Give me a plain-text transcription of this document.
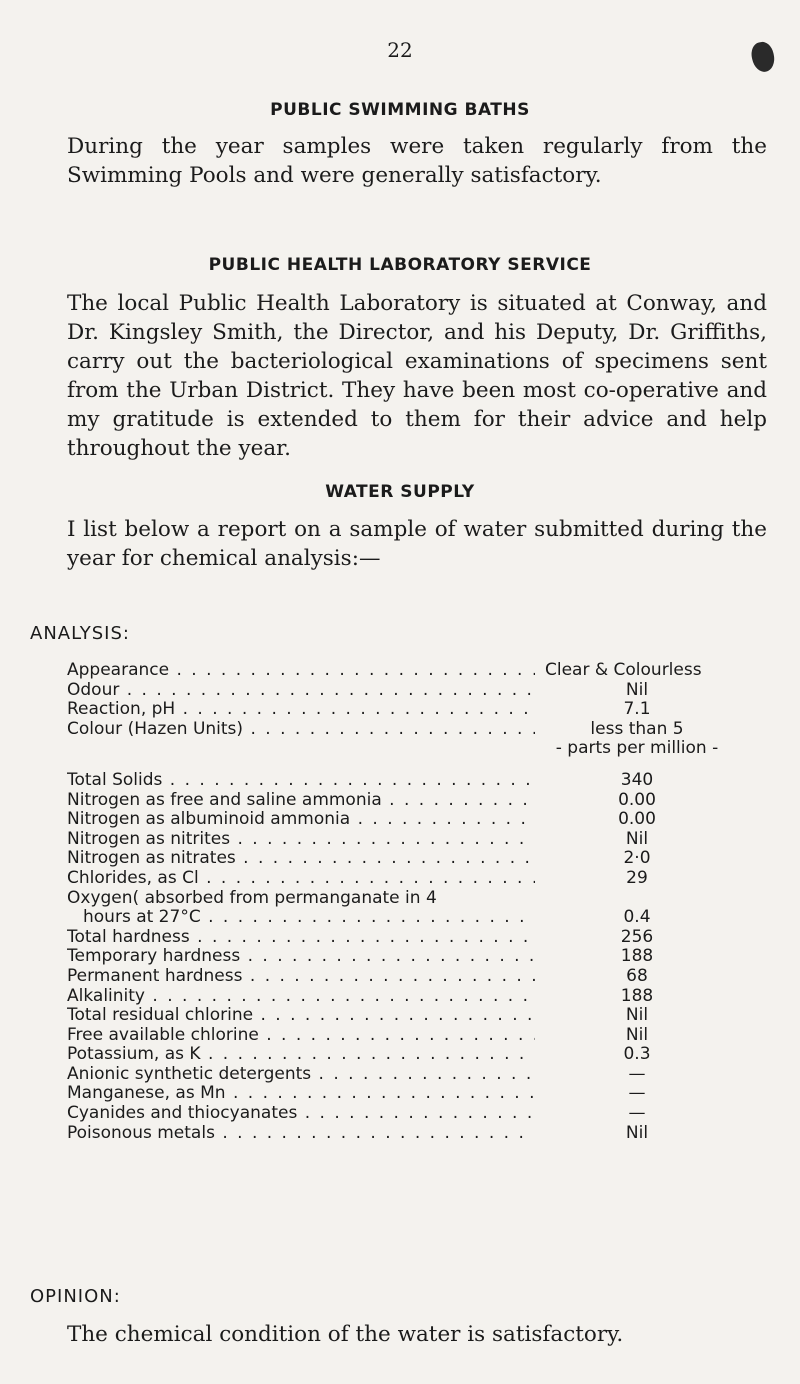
22
PUBLIC SWIMMING BATHS
During the year samples were taken regularly from the Swimming Pools and were generally satisfactory.
PUBLIC HEALTH LABORATORY SERVICE
The local Public Health Laboratory is situated at Conway, and Dr. Kingsley Smith, the Director, and his Deputy, Dr. Griffiths, carry out the bacteriological examinations of specimens sent from the Urban District. They have been most co-operative and my gratitude is extended to them for their advice and help throughout the year.
WATER SUPPLY
I list below a report on a sample of water submitted during the year for chemical analysis:—
ANALYSIS:
Appearance . . .	Clear & Colourless
Odour . . .	Nil
Reaction, pH . . .	7.1
Colour (Hazen Units) . . .	less than 5
- parts per million -
Total Solids . . .	340
Nitrogen as free and saline ammonia . . .	0.00
Nitrogen as albuminoid ammonia . . .	0.00
Nitrogen as nitrites . . .	Nil
Nitrogen as nitrates . . .	2·0
Chlorides, as Cl . . .	29
Oxygen( absorbed from permanganate in 4
hours at 27°C . . .	0.4
Total hardness . . .	256
Temporary hardness . . .	188
Permanent hardness . . .	68
Alkalinity . . .	188
Total residual chlorine . . .	Nil
Free available chlorine . . .	Nil
Potassium, as K . . .	0.3
Anionic synthetic detergents . . .	—
Manganese, as Mn . . .	—
Cyanides and thiocyanates . . .	—
Poisonous metals . . .	Nil
OPINION:
The chemical condition of the water is satisfactory.
